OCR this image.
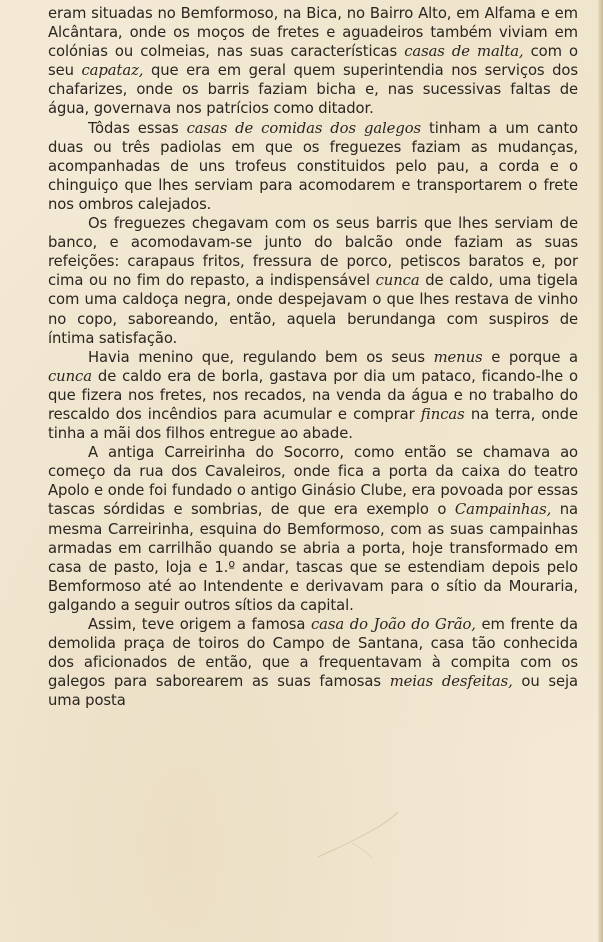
eram situadas no Bemformoso, na Bica, no Bairro Alto, em Alfama e em Alcântara, onde os moços de fretes e aguadeiros também viviam em colónias ou colmeias, nas suas características casas de malta, com o seu capataz, que era em geral quem superintendia nos serviços dos chafarizes, onde os barris faziam bicha e, nas sucessivas faltas de água, governava nos patrícios como ditador.

Tôdas essas casas de comidas dos galegos tinham a um canto duas ou três padiolas em que os freguezes faziam as mudanças, acompanhadas de uns trofeus constituidos pelo pau, a corda e o chinguiço que lhes serviam para acomodarem e transportarem o frete nos ombros calejados.

Os freguezes chegavam com os seus barris que lhes serviam de banco, e acomodavam-se junto do balcão onde faziam as suas refeições: carapaus fritos, fressura de porco, petiscos baratos e, por cima ou no fim do repasto, a indispensável cunca de caldo, uma tigela com uma caldoça negra, onde despejavam o que lhes restava de vinho no copo, saboreando, então, aquela berundanga com suspiros de íntima satisfação.

Havia menino que, regulando bem os seus menus e porque a cunca de caldo era de borla, gastava por dia um pataco, ficando-lhe o que fizera nos fretes, nos recados, na venda da água e no trabalho do rescaldo dos incêndios para acumular e comprar fincas na terra, onde tinha a mãi dos filhos entregue ao abade.

A antiga Carreirinha do Socorro, como então se chamava ao começo da rua dos Cavaleiros, onde fica a porta da caixa do teatro Apolo e onde foi fundado o antigo Ginásio Clube, era povoada por essas tascas sórdidas e sombrias, de que era exemplo o Campainhas, na mesma Carreirinha, esquina do Bemformoso, com as suas campainhas armadas em carrilhão quando se abria a porta, hoje transformado em casa de pasto, loja e 1.º andar, tascas que se estendiam depois pelo Bemformoso até ao Intendente e derivavam para o sítio da Mouraria, galgando a seguir outros sítios da capital.

Assim, teve origem a famosa casa do João do Grão, em frente da demolida praça de toiros do Campo de Santana, casa tão conhecida dos aficionados de então, que a frequentavam à compita com os galegos para saborearem as suas famosas meias desfeitas, ou seja uma posta
